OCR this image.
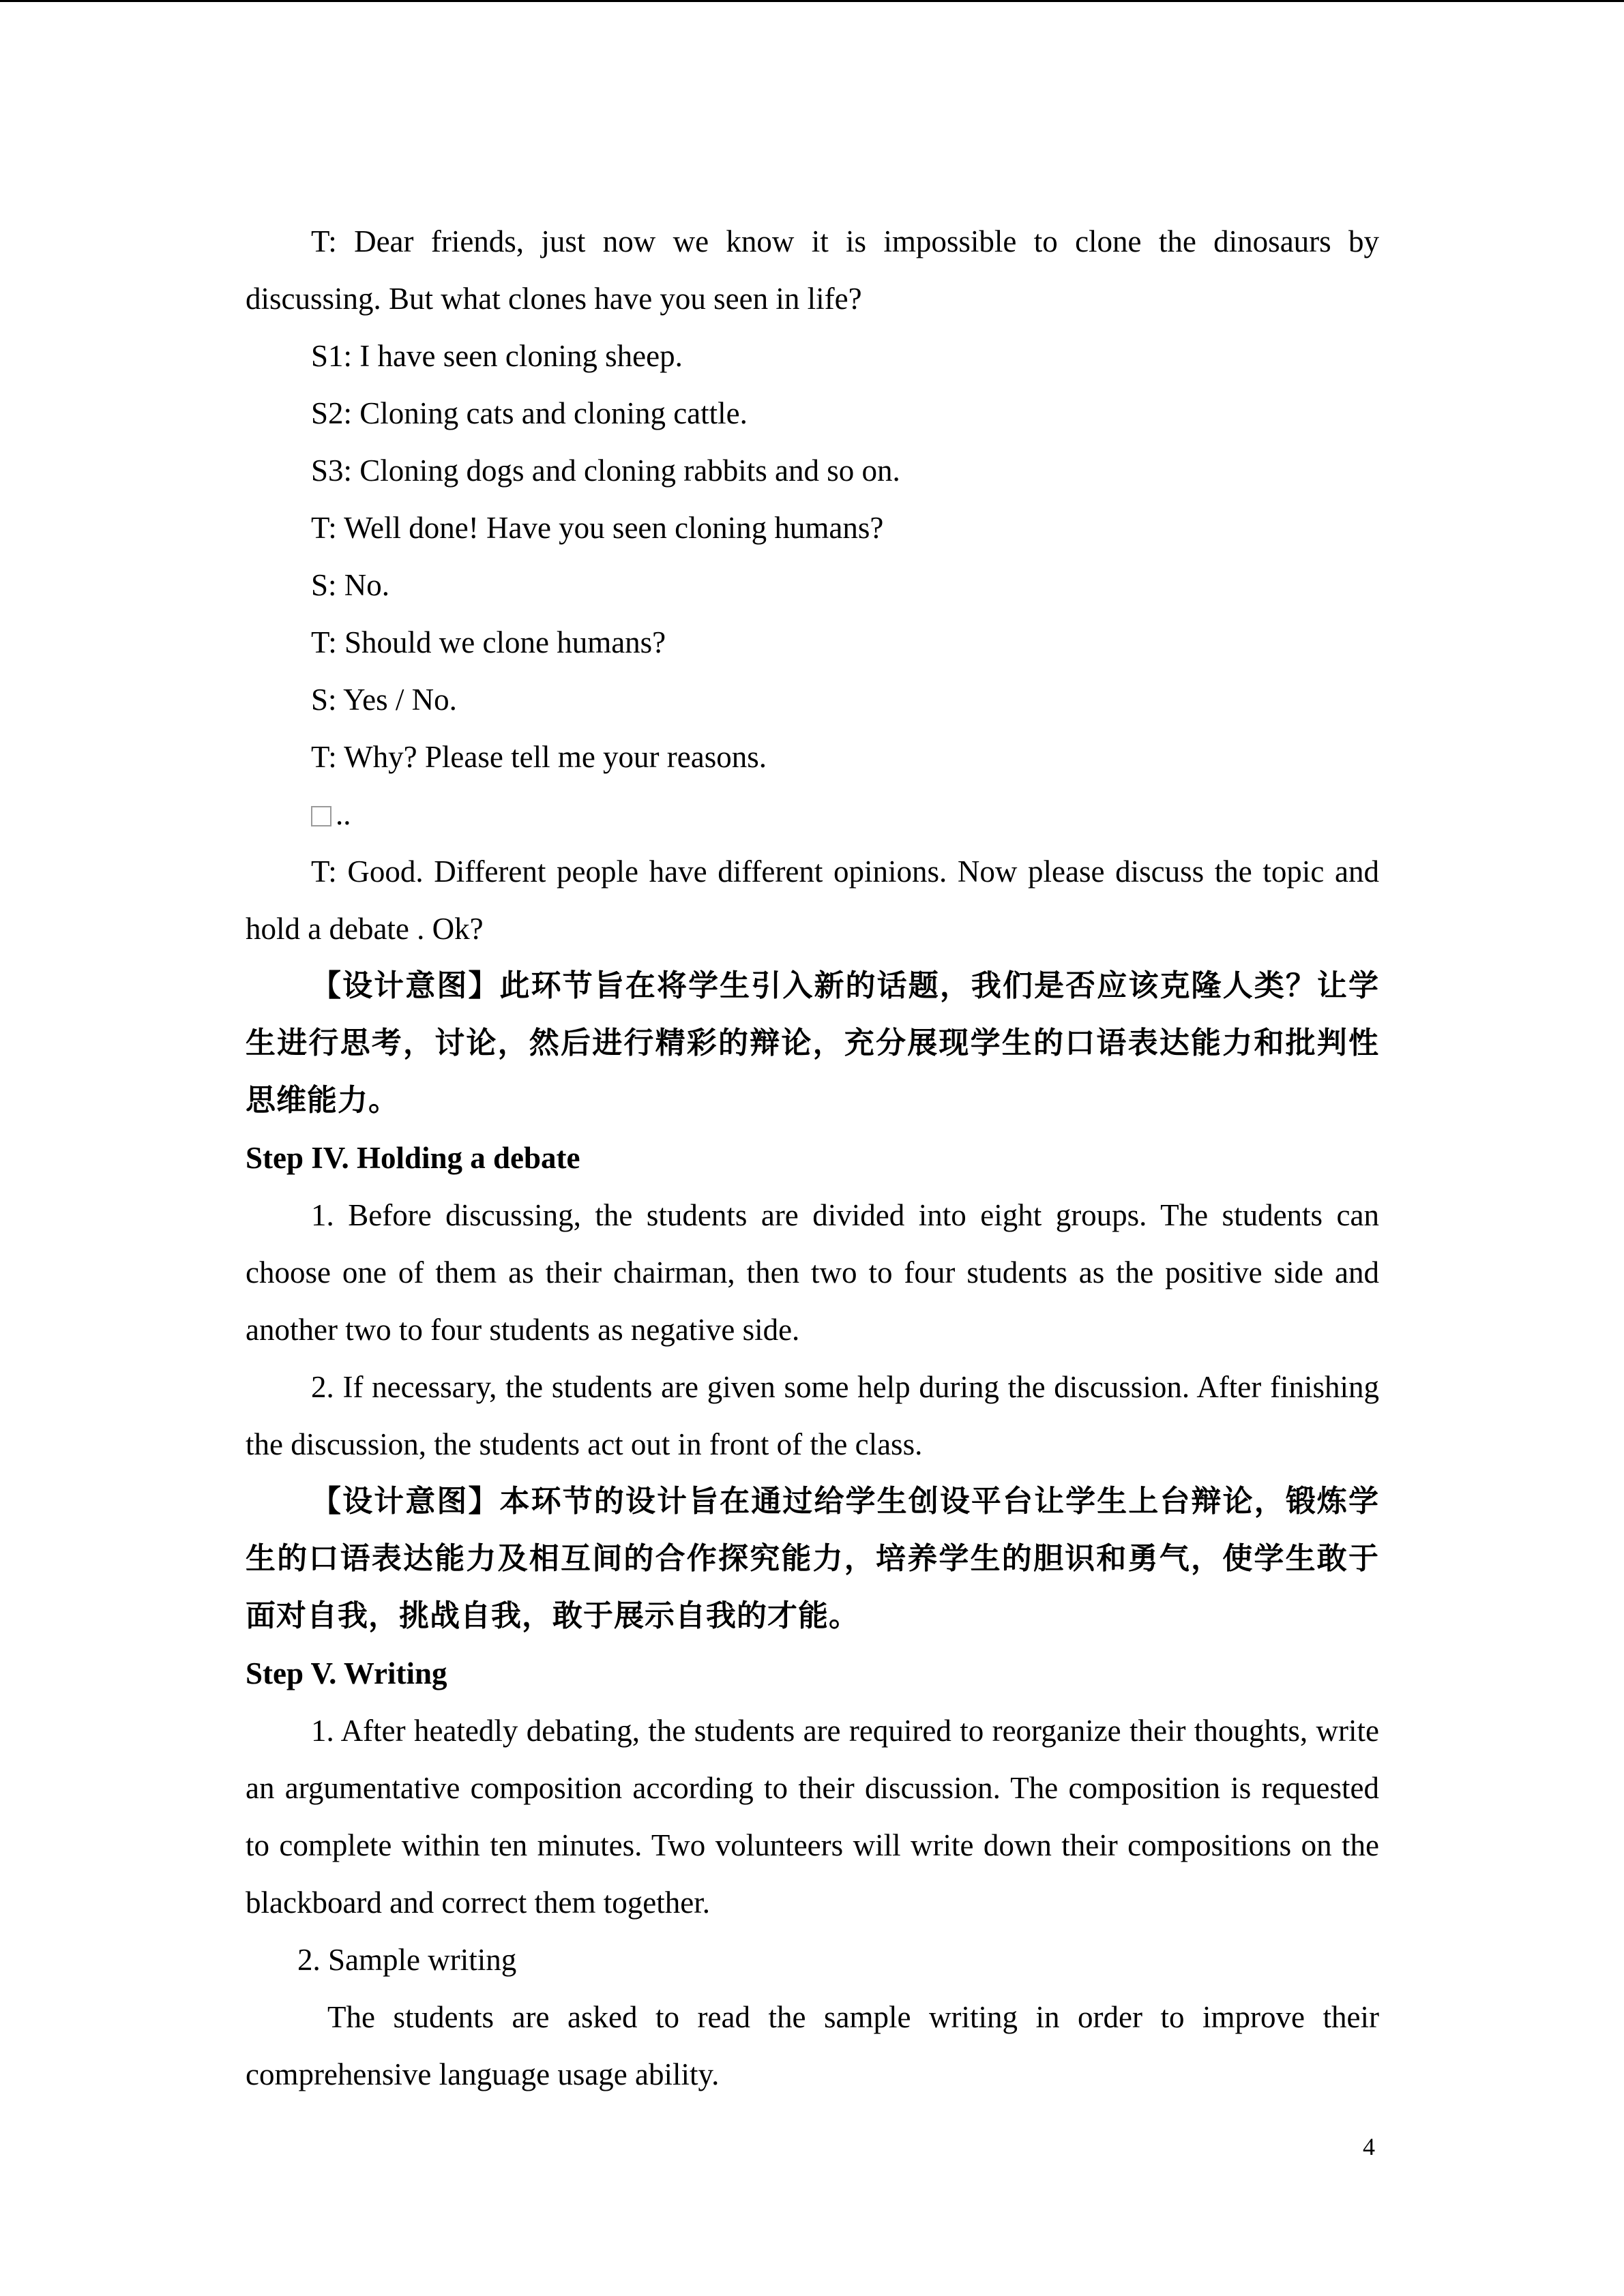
T: Dear friends, just now we know it is impossible to clone the dinosaurs by discussing. But what clones have you seen in life?

S1: I have seen cloning sheep.

S2: Cloning cats and cloning cattle.

S3: Cloning dogs and cloning rabbits and so on.

T: Well done! Have you seen cloning humans?

S: No.

T: Should we clone humans?

S: Yes / No.

T: Why? Please tell me your reasons.

..

T: Good. Different people have different opinions. Now please discuss the topic and hold a debate . Ok?

【设计意图】此环节旨在将学生引入新的话题，我们是否应该克隆人类？让学生进行思考，讨论，然后进行精彩的辩论，充分展现学生的口语表达能力和批判性思维能力。

Step IV. Holding a debate

1. Before discussing, the students are divided into eight groups. The students can choose one of them as their chairman, then two to four students as the positive side and another two to four students as negative side.

2. If necessary, the students are given some help during the discussion. After finishing the discussion, the students act out in front of the class.

【设计意图】本环节的设计旨在通过给学生创设平台让学生上台辩论，锻炼学生的口语表达能力及相互间的合作探究能力，培养学生的胆识和勇气，使学生敢于面对自我，挑战自我，敢于展示自我的才能。

Step V. Writing

1. After heatedly debating, the students are required to reorganize their thoughts, write an argumentative composition according to their discussion. The composition is requested to complete within ten minutes. Two volunteers will write down their compositions on the blackboard and correct them together.

2. Sample writing

The students are asked to read the sample writing in order to improve their comprehensive language usage ability.

4
